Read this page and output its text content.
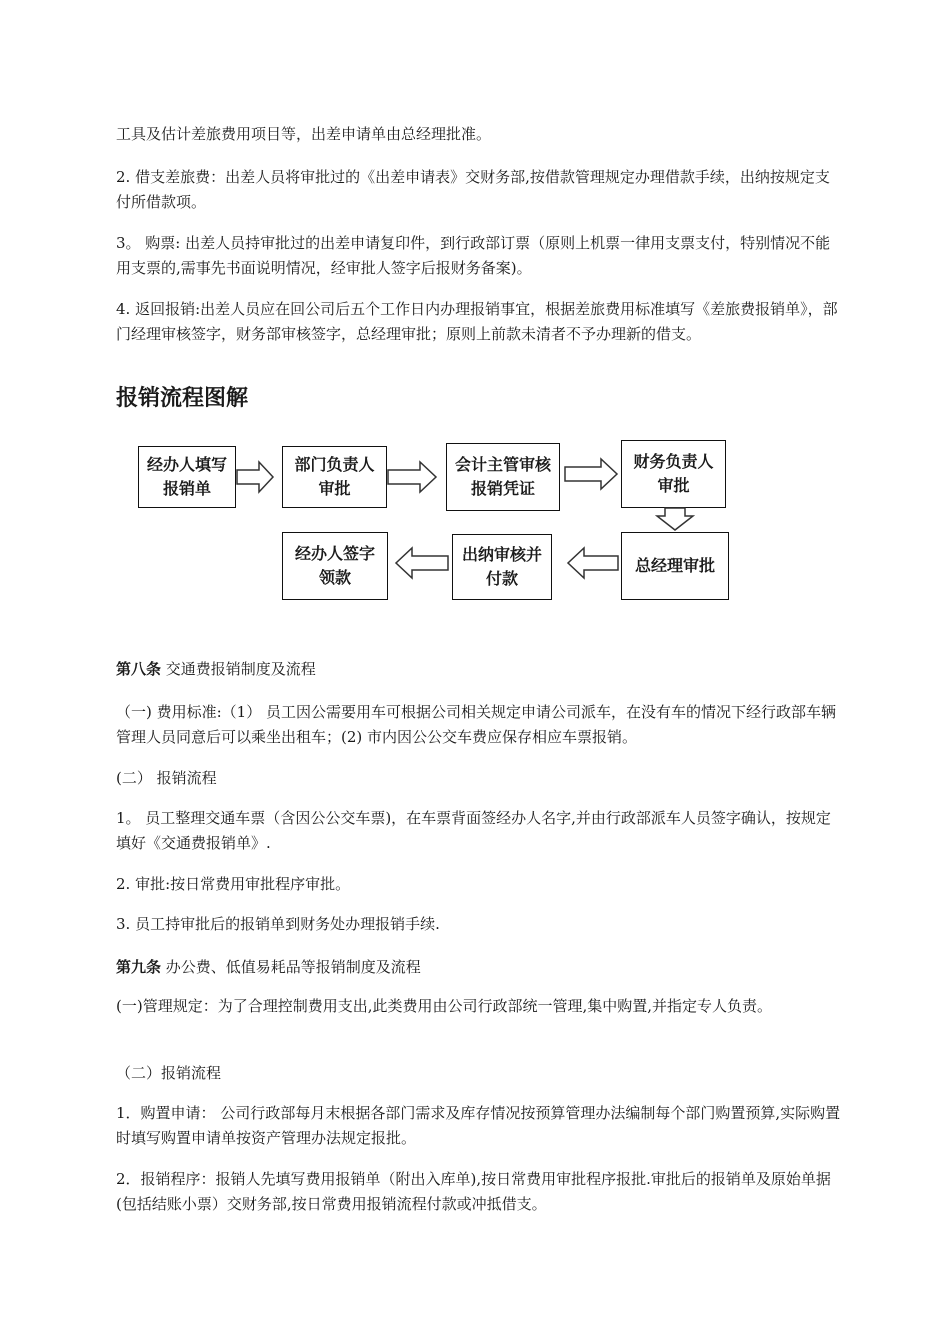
工具及估计差旅费用项目等，出差申请单由总经理批准。

2. 借支差旅费：出差人员将审批过的《出差申请表》交财务部,按借款管理规定办理借款手续，出纳按规定支付所借款项。

3。 购票: 出差人员持审批过的出差申请复印件，到行政部订票（原则上机票一律用支票支付，特别情况不能用支票的,需事先书面说明情况，经审批人签字后报财务备案)。

4. 返回报销:出差人员应在回公司后五个工作日内办理报销事宜，根据差旅费用标准填写《差旅费报销单》，部门经理审核签字，财务部审核签字，总经理审批；原则上前款未清者不予办理新的借支。

报销流程图解
经办人填写报销单
部门负责人审批
会计主管审核报销凭证
财务负责人审批
总经理审批
出纳审核并付款
经办人签字领款

第八条 交通费报销制度及流程

（一) 费用标准:（1） 员工因公需要用车可根据公司相关规定申请公司派车，在没有车的情况下经行政部车辆管理人员同意后可以乘坐出租车；(2) 市内因公公交车费应保存相应车票报销。

(二） 报销流程

1。 员工整理交通车票（含因公公交车票)，在车票背面签经办人名字,并由行政部派车人员签字确认，按规定填好《交通费报销单》.

2. 审批:按日常费用审批程序审批。

3. 员工持审批后的报销单到财务处办理报销手续.

第九条 办公费、低值易耗品等报销制度及流程

(一)管理规定：为了合理控制费用支出,此类费用由公司行政部统一管理,集中购置,并指定专人负责。

（二）报销流程

1．购置申请： 公司行政部每月末根据各部门需求及库存情况按预算管理办法编制每个部门购置预算,实际购置时填写购置申请单按资产管理办法规定报批。

2．报销程序：报销人先填写费用报销单（附出入库单),按日常费用审批程序报批.审批后的报销单及原始单据(包括结账小票）交财务部,按日常费用报销流程付款或冲抵借支。
